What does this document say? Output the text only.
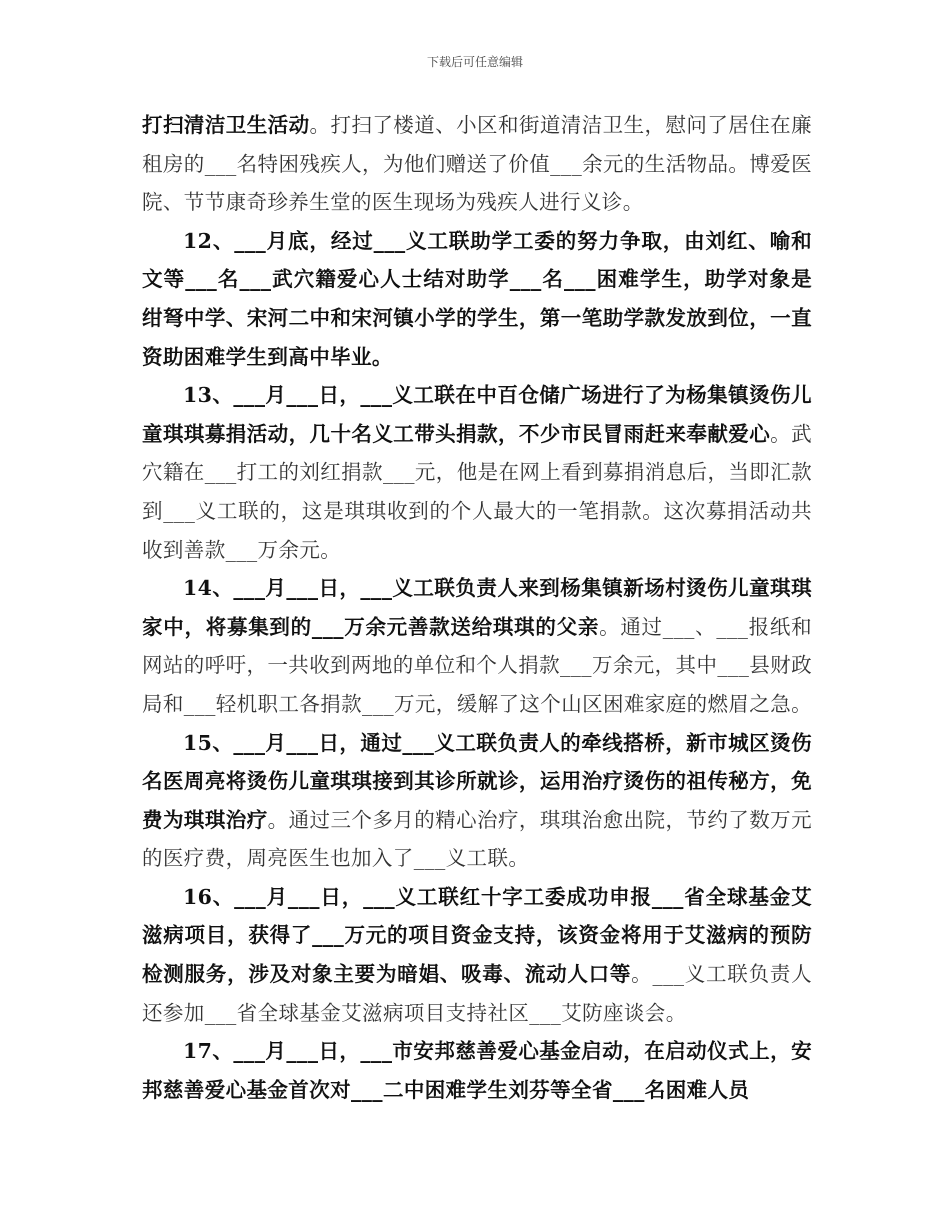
下载后可任意编辑

打扫清洁卫生活动。打扫了楼道、小区和街道清洁卫生，慰问了居住在廉租房的___名特困残疾人，为他们赠送了价值___余元的生活物品。博爱医院、节节康奇珍养生堂的医生现场为残疾人进行义诊。

12、___月底，经过___义工联助学工委的努力争取，由刘红、喻和文等___名___武穴籍爱心人士结对助学___名___困难学生，助学对象是绀弩中学、宋河二中和宋河镇小学的学生，第一笔助学款发放到位，一直资助困难学生到高中毕业。

13、___月___日，___义工联在中百仓储广场进行了为杨集镇烫伤儿童琪琪募捐活动，几十名义工带头捐款，不少市民冒雨赶来奉献爱心。武穴籍在___打工的刘红捐款___元，他是在网上看到募捐消息后，当即汇款到___义工联的，这是琪琪收到的个人最大的一笔捐款。这次募捐活动共收到善款___万余元。

14、___月___日，___义工联负责人来到杨集镇新场村烫伤儿童琪琪家中，将募集到的___万余元善款送给琪琪的父亲。通过___、___报纸和网站的呼吁，一共收到两地的单位和个人捐款___万余元，其中___县财政局和___轻机职工各捐款___万元，缓解了这个山区困难家庭的燃眉之急。

15、___月___日，通过___义工联负责人的牵线搭桥，新市城区烫伤名医周亮将烫伤儿童琪琪接到其诊所就诊，运用治疗烫伤的祖传秘方，免费为琪琪治疗。通过三个多月的精心治疗，琪琪治愈出院，节约了数万元的医疗费，周亮医生也加入了___义工联。

16、___月___日，___义工联红十字工委成功申报___省全球基金艾滋病项目，获得了___万元的项目资金支持，该资金将用于艾滋病的预防检测服务，涉及对象主要为暗娼、吸毒、流动人口等。___义工联负责人还参加___省全球基金艾滋病项目支持社区___艾防座谈会。

17、___月___日，___市安邦慈善爱心基金启动，在启动仪式上，安邦慈善爱心基金首次对___二中困难学生刘芬等全省___名困难人员
